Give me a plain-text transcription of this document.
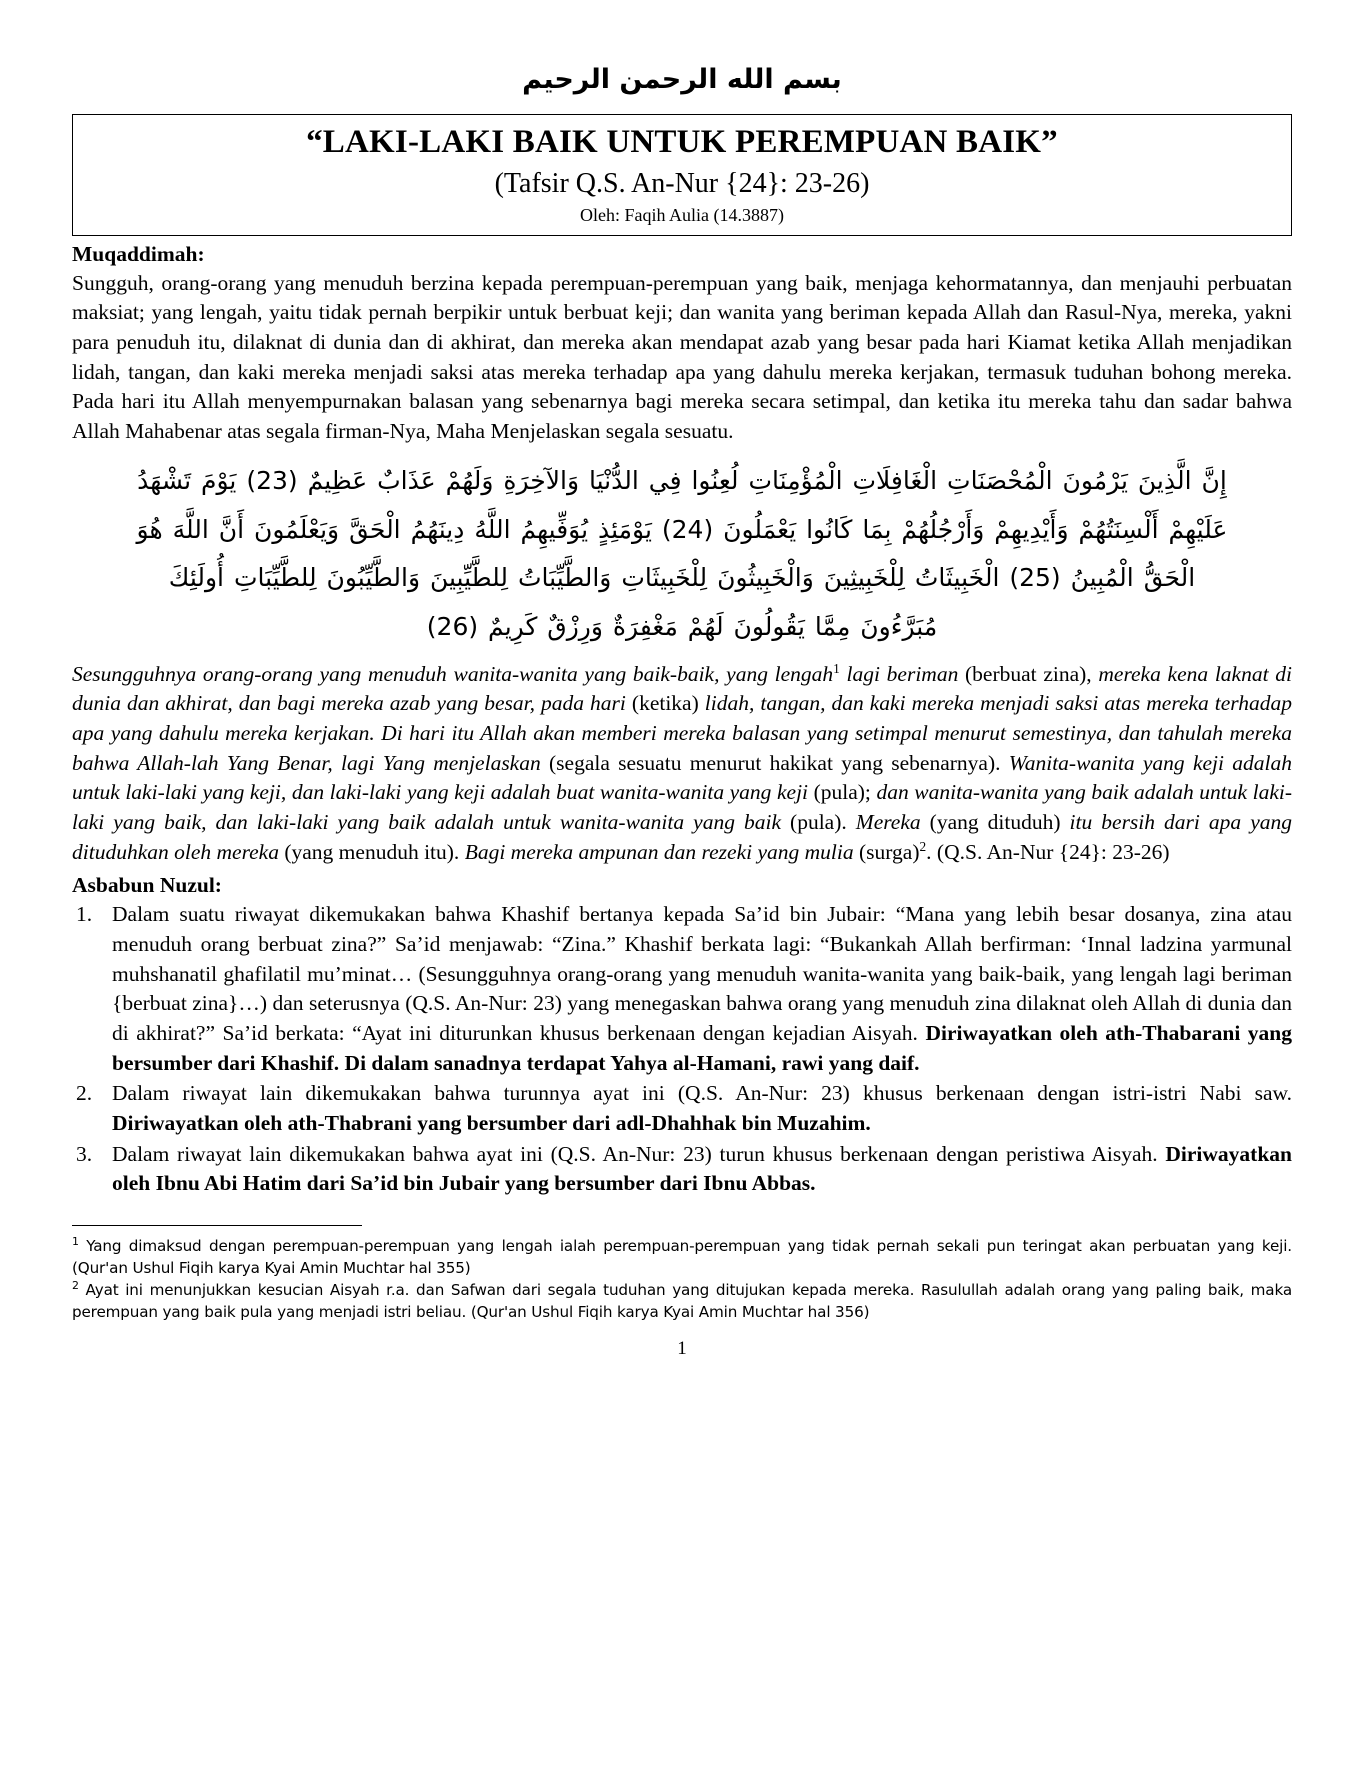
بسم الله الرحمن الرحيم
“LAKI-LAKI BAIK UNTUK PEREMPUAN BAIK”
(Tafsir Q.S. An-Nur {24}: 23-26)
Oleh: Faqih Aulia (14.3887)
Muqaddimah:

Sungguh, orang-orang yang menuduh berzina kepada perempuan-perempuan yang baik, menjaga kehormatannya, dan menjauhi perbuatan maksiat; yang lengah, yaitu tidak pernah berpikir untuk berbuat keji; dan wanita yang beriman kepada Allah dan Rasul-Nya, mereka, yakni para penuduh itu, dilaknat di dunia dan di akhirat, dan mereka akan mendapat azab yang besar pada hari Kiamat ketika Allah menjadikan lidah, tangan, dan kaki mereka menjadi saksi atas mereka terhadap apa yang dahulu mereka kerjakan, termasuk tuduhan bohong mereka. Pada hari itu Allah menyempurnakan balasan yang sebenarnya bagi mereka secara setimpal, dan ketika itu mereka tahu dan sadar bahwa Allah Mahabenar atas segala firman-Nya, Maha Menjelaskan segala sesuatu.

إِنَّ الَّذِينَ يَرْمُونَ الْمُحْصَنَاتِ الْغَافِلَاتِ الْمُؤْمِنَاتِ لُعِنُوا فِي الدُّنْيَا وَالآخِرَةِ وَلَهُمْ عَذَابٌ عَظِيمٌ (23) يَوْمَ تَشْهَدُ
عَلَيْهِمْ أَلْسِنَتُهُمْ وَأَيْدِيهِمْ وَأَرْجُلُهُمْ بِمَا كَانُوا يَعْمَلُونَ (24) يَوْمَئِذٍ يُوَفِّيهِمُ اللَّهُ دِينَهُمُ الْحَقَّ وَيَعْلَمُونَ أَنَّ اللَّهَ هُوَ
الْحَقُّ الْمُبِينُ (25) الْخَبِيثَاتُ لِلْخَبِيثِينَ وَالْخَبِيثُونَ لِلْخَبِيثَاتِ وَالطَّيِّبَاتُ لِلطَّيِّبِينَ وَالطَّيِّبُونَ لِلطَّيِّبَاتِ أُولَئِكَ
مُبَرَّءُونَ مِمَّا يَقُولُونَ لَهُمْ مَغْفِرَةٌ وَرِزْقٌ كَرِيمٌ (26)

Sesungguhnya orang-orang yang menuduh wanita-wanita yang baik-baik, yang lengah$^1$ lagi beriman (berbuat zina), mereka kena laknat di dunia dan akhirat, dan bagi mereka azab yang besar, pada hari (ketika) lidah, tangan, dan kaki mereka menjadi saksi atas mereka terhadap apa yang dahulu mereka kerjakan. Di hari itu Allah akan memberi mereka balasan yang setimpal menurut semestinya, dan tahulah mereka bahwa Allah-lah Yang Benar, lagi Yang menjelaskan (segala sesuatu menurut hakikat yang sebenarnya). Wanita-wanita yang keji adalah untuk laki-laki yang keji, dan laki-laki yang keji adalah buat wanita-wanita yang keji (pula); dan wanita-wanita yang baik adalah untuk laki-laki yang baik, dan laki-laki yang baik adalah untuk wanita-wanita yang baik (pula). Mereka (yang dituduh) itu bersih dari apa yang dituduhkan oleh mereka (yang menuduh itu). Bagi mereka ampunan dan rezeki yang mulia (surga)$^2$. (Q.S. An-Nur {24}: 23-26)

Asbabun Nuzul:
Dalam suatu riwayat dikemukakan bahwa Khashif bertanya kepada Sa’id bin Jubair: “Mana yang lebih besar dosanya, zina atau menuduh orang berbuat zina?” Sa’id menjawab: “Zina.” Khashif berkata lagi: “Bukankah Allah berfirman: ‘Innal ladzina yarmunal muhshanatil ghafilatil mu’minat… (Sesungguhnya orang-orang yang menuduh wanita-wanita yang baik-baik, yang lengah lagi beriman {berbuat zina}…) dan seterusnya (Q.S. An-Nur: 23) yang menegaskan bahwa orang yang menuduh zina dilaknat oleh Allah di dunia dan di akhirat?” Sa’id berkata: “Ayat ini diturunkan khusus berkenaan dengan kejadian Aisyah. Diriwayatkan oleh ath-Thabarani yang bersumber dari Khashif. Di dalam sanadnya terdapat Yahya al-Hamani, rawi yang daif.
Dalam riwayat lain dikemukakan bahwa turunnya ayat ini (Q.S. An-Nur: 23) khusus berkenaan dengan istri-istri Nabi saw. Diriwayatkan oleh ath-Thabrani yang bersumber dari adl-Dhahhak bin Muzahim.
Dalam riwayat lain dikemukakan bahwa ayat ini (Q.S. An-Nur: 23) turun khusus berkenaan dengan peristiwa Aisyah. Diriwayatkan oleh Ibnu Abi Hatim dari Sa’id bin Jubair yang bersumber dari Ibnu Abbas.

$^1$ Yang dimaksud dengan perempuan-perempuan yang lengah ialah perempuan-perempuan yang tidak pernah sekali pun teringat akan perbuatan yang keji. (Qur'an Ushul Fiqih karya Kyai Amin Muchtar hal 355)

$^2$ Ayat ini menunjukkan kesucian Aisyah r.a. dan Safwan dari segala tuduhan yang ditujukan kepada mereka. Rasulullah adalah orang yang paling baik, maka perempuan yang baik pula yang menjadi istri beliau. (Qur'an Ushul Fiqih karya Kyai Amin Muchtar hal 356)

1
